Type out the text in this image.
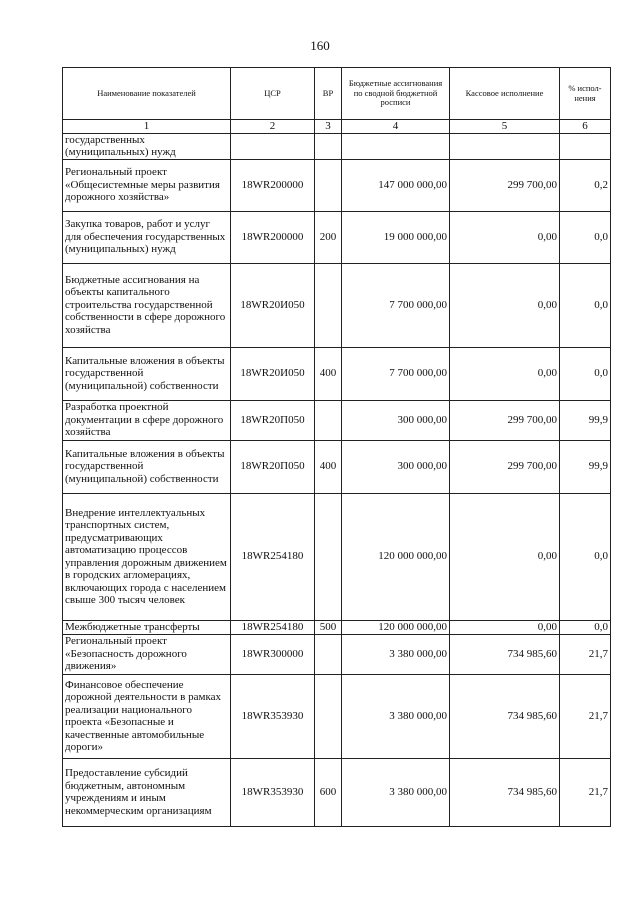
160
Наименование показателей	ЦСР	ВР	Бюджетные ассигнования по сводной бюджетной росписи	Кассовое исполнение	% испол-нения
1	2	3	4	5	6
государственных (муниципальных) нужд					
Региональный проект «Общесистемные меры развития дорожного хозяйства»	18WR200000		147 000 000,00	299 700,00	0,2
Закупка товаров, работ и услуг для обеспечения государственных (муниципальных) нужд	18WR200000	200	19 000 000,00	0,00	0,0
Бюджетные ассигнования на объекты капитального строительства государственной собственности в сфере дорожного хозяйства	18WR20И050		7 700 000,00	0,00	0,0
Капитальные вложения в объекты государственной (муниципальной) собственности	18WR20И050	400	7 700 000,00	0,00	0,0
Разработка проектной документации в сфере дорожного хозяйства	18WR20П050		300 000,00	299 700,00	99,9
Капитальные вложения в объекты государственной (муниципальной) собственности	18WR20П050	400	300 000,00	299 700,00	99,9
Внедрение интеллектуальных транспортных систем, предусматривающих автоматизацию процессов управления дорожным движением в городских агломерациях, включающих города с населением свыше 300 тысяч человек	18WR254180		120 000 000,00	0,00	0,0
Межбюджетные трансферты	18WR254180	500	120 000 000,00	0,00	0,0
Региональный проект «Безопасность дорожного движения»	18WR300000		3 380 000,00	734 985,60	21,7
Финансовое обеспечение дорожной деятельности в рамках реализации национального проекта «Безопасные и качественные автомобильные дороги»	18WR353930		3 380 000,00	734 985,60	21,7
Предоставление субсидий бюджетным, автономным учреждениям и иным некоммерческим организациям	18WR353930	600	3 380 000,00	734 985,60	21,7
